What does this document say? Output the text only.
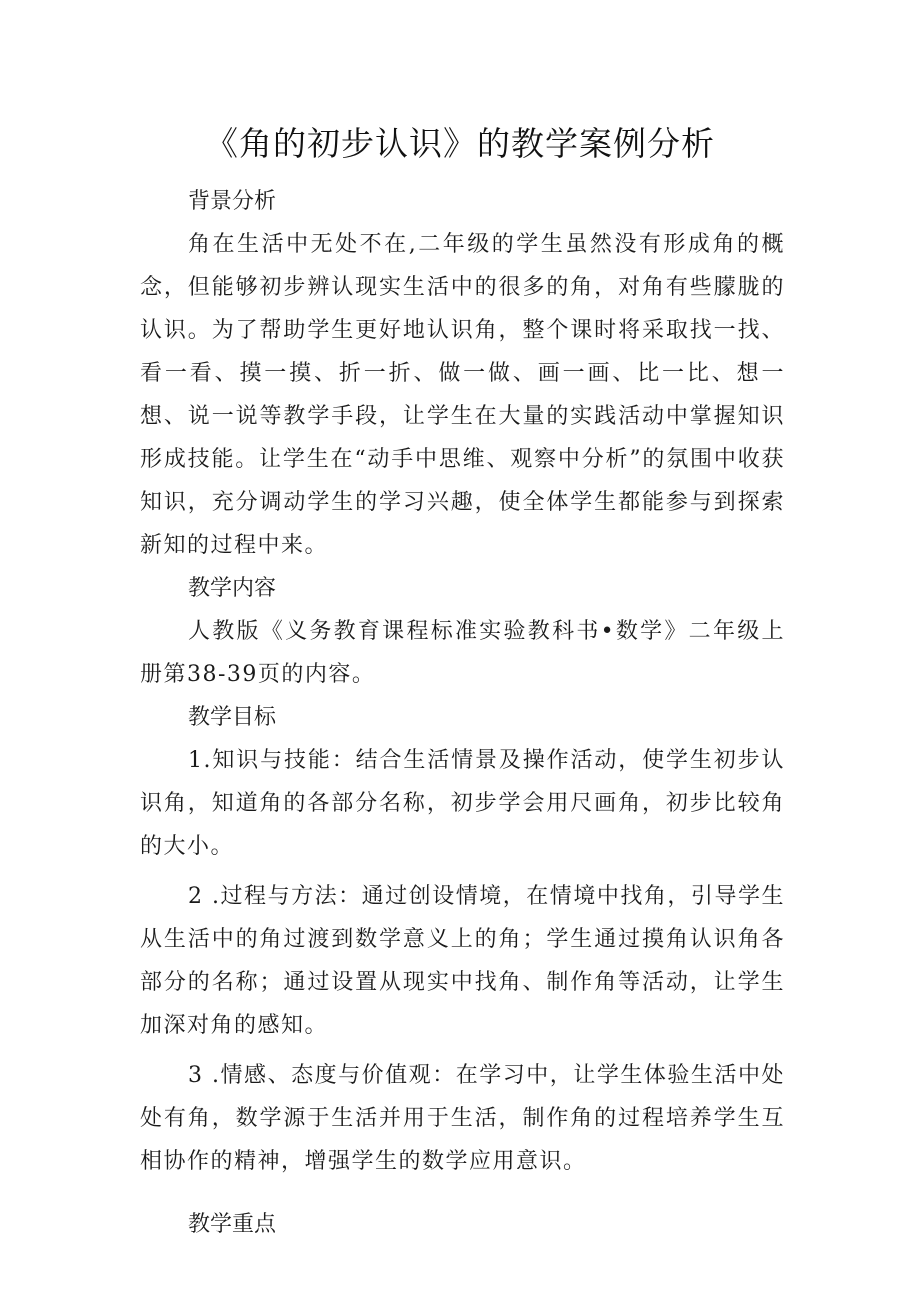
《角的初步认识》的教学案例分析

背景分析

角在生活中无处不在,二年级的学生虽然没有形成角的概念，但能够初步辨认现实生活中的很多的角，对角有些朦胧的认识。为了帮助学生更好地认识角，整个课时将采取找一找、看一看、摸一摸、折一折、做一做、画一画、比一比、想一想、说一说等教学手段，让学生在大量的实践活动中掌握知识形成技能。让学生在“动手中思维、观察中分析”的氛围中收获知识，充分调动学生的学习兴趣，使全体学生都能参与到探索新知的过程中来。

教学内容

人教版《义务教育课程标准实验教科书•数学》二年级上册第38-39页的内容。

教学目标

1.知识与技能：结合生活情景及操作活动，使学生初步认识角，知道角的各部分名称，初步学会用尺画角，初步比较角的大小。

2 .过程与方法：通过创设情境，在情境中找角，引导学生从生活中的角过渡到数学意义上的角；学生通过摸角认识角各部分的名称；通过设置从现实中找角、制作角等活动，让学生加深对角的感知。

3 .情感、态度与价值观：在学习中，让学生体验生活中处处有角，数学源于生活并用于生活，制作角的过程培养学生互相协作的精神，增强学生的数学应用意识。

教学重点
